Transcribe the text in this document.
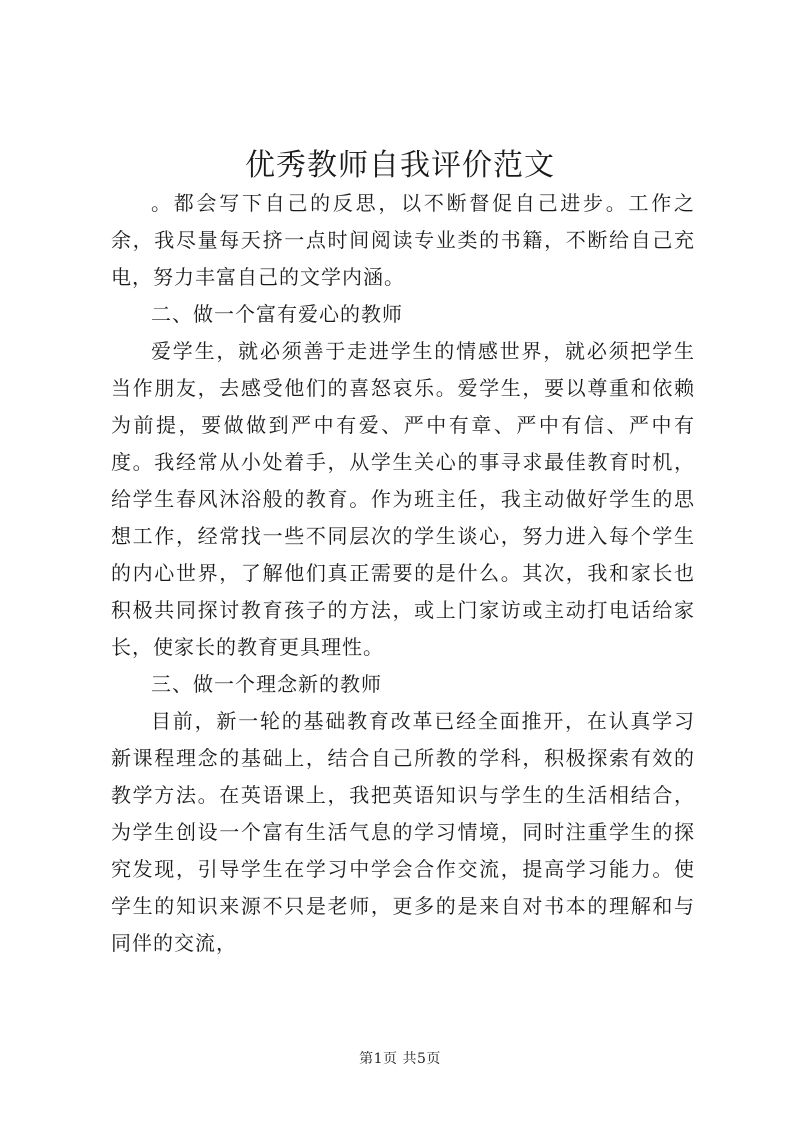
优秀教师自我评价范文

。都会写下自己的反思，以不断督促自己进步。工作之余，我尽量每天挤一点时间阅读专业类的书籍，不断给自己充电，努力丰富自己的文学内涵。

二、做一个富有爱心的教师

爱学生，就必须善于走进学生的情感世界，就必须把学生当作朋友，去感受他们的喜怒哀乐。爱学生，要以尊重和依赖为前提，要做做到严中有爱、严中有章、严中有信、严中有度。我经常从小处着手，从学生关心的事寻求最佳教育时机，给学生春风沐浴般的教育。作为班主任，我主动做好学生的思想工作，经常找一些不同层次的学生谈心，努力进入每个学生的内心世界，了解他们真正需要的是什么。其次，我和家长也积极共同探讨教育孩子的方法，或上门家访或主动打电话给家长，使家长的教育更具理性。

三、做一个理念新的教师

目前，新一轮的基础教育改革已经全面推开，在认真学习新课程理念的基础上，结合自己所教的学科，积极探索有效的教学方法。在英语课上，我把英语知识与学生的生活相结合，为学生创设一个富有生活气息的学习情境，同时注重学生的探究发现，引导学生在学习中学会合作交流，提高学习能力。使学生的知识来源不只是老师，更多的是来自对书本的理解和与同伴的交流，

第1页 共5页
